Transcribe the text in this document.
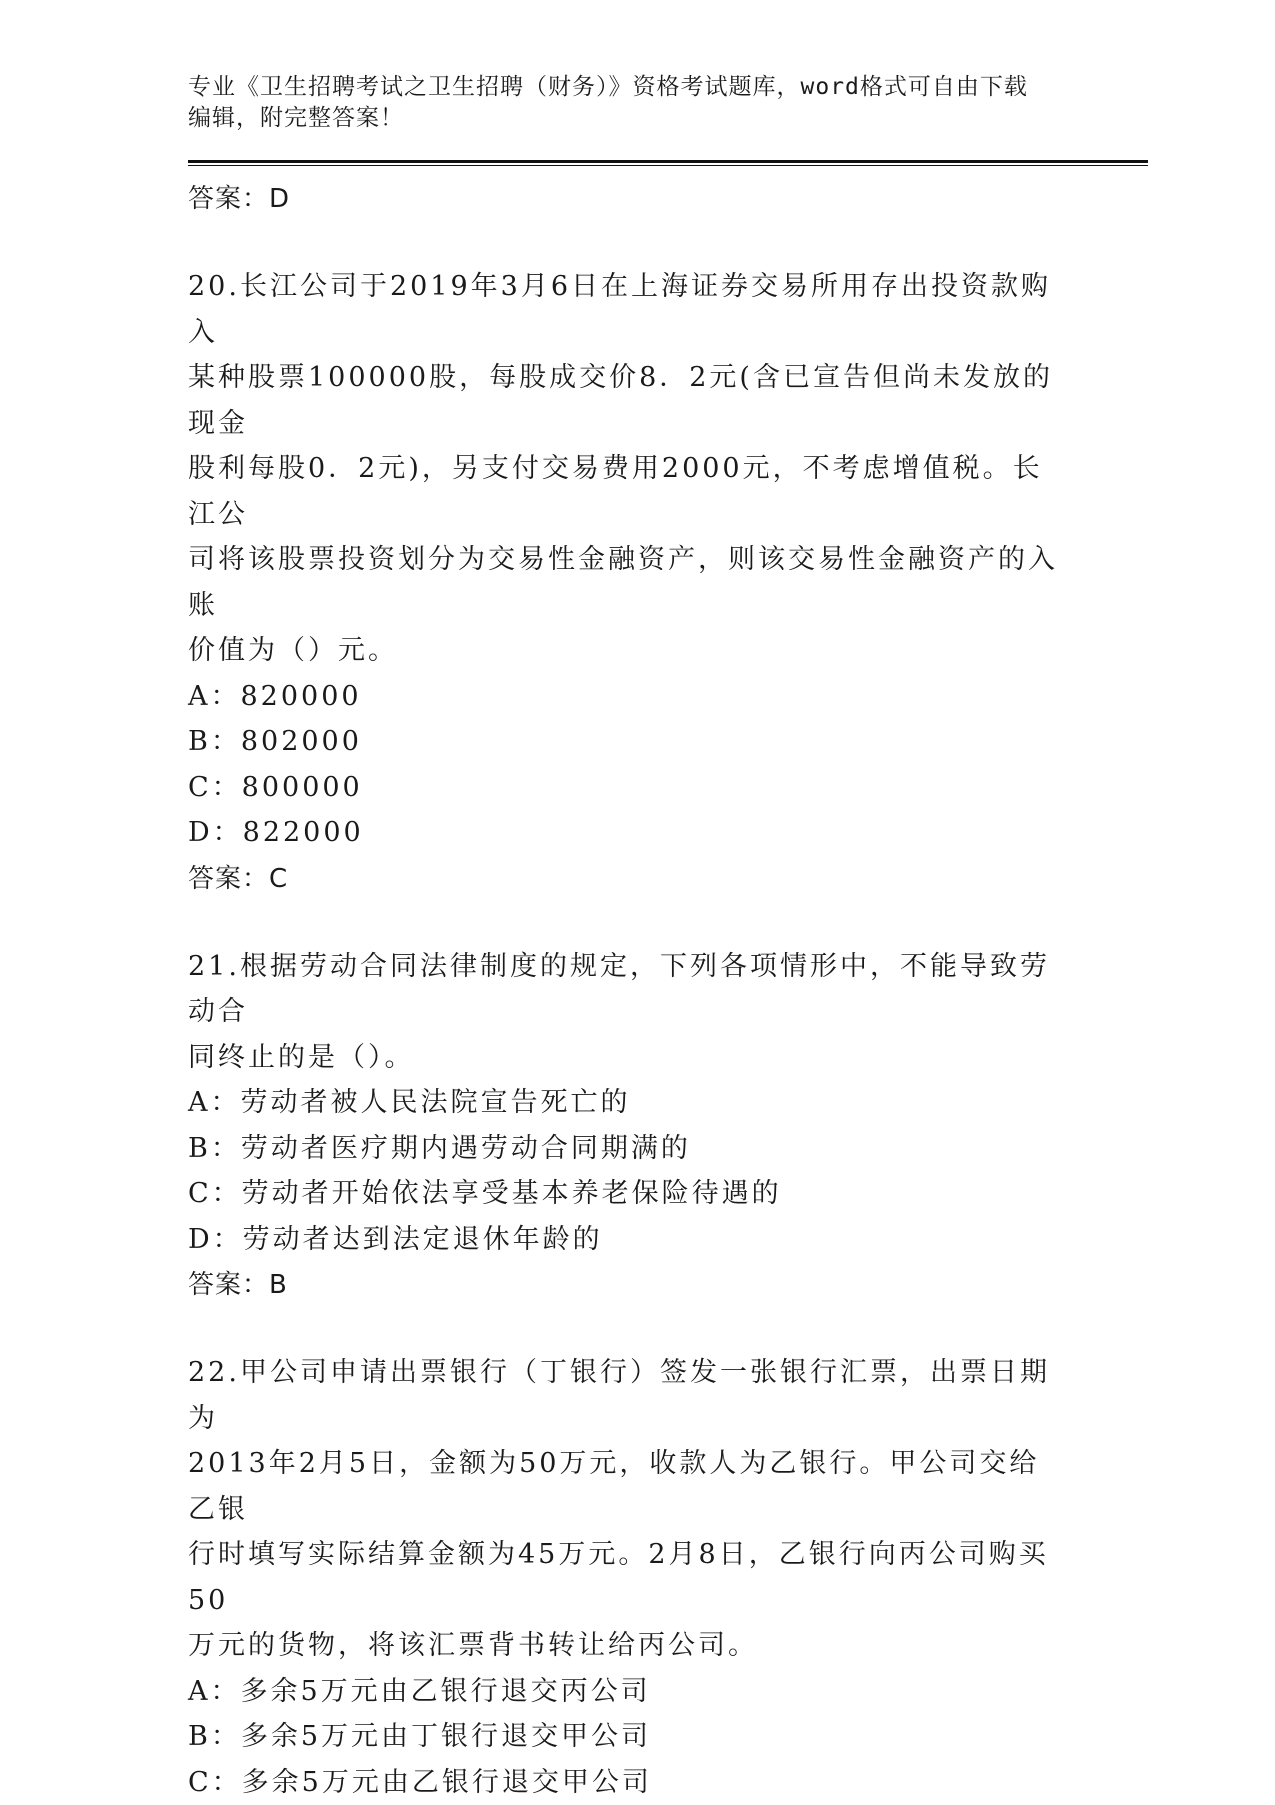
专业《卫生招聘考试之卫生招聘（财务）》资格考试题库，word格式可自由下载
编辑，附完整答案！
答案：D
20.长江公司于2019年3月6日在上海证券交易所用存出投资款购入
某种股票100000股，每股成交价8．2元(含已宣告但尚未发放的现金
股利每股0．2元)，另支付交易费用2000元，不考虑增值税。长江公
司将该股票投资划分为交易性金融资产，则该交易性金融资产的入账
价值为（）元。
A：820000
B：802000
C：800000
D：822000
答案：C
21.根据劳动合同法律制度的规定，下列各项情形中，不能导致劳动合
同终止的是（）。
A：劳动者被人民法院宣告死亡的
B：劳动者医疗期内遇劳动合同期满的
C：劳动者开始依法享受基本养老保险待遇的
D：劳动者达到法定退休年龄的
答案：B
22.甲公司申请出票银行（丁银行）签发一张银行汇票，出票日期为
2013年2月5日，金额为50万元，收款人为乙银行。甲公司交给乙银
行时填写实际结算金额为45万元。2月8日，乙银行向丙公司购买50
万元的货物，将该汇票背书转让给丙公司。
A：多余5万元由乙银行退交丙公司
B：多余5万元由丁银行退交甲公司
C：多余5万元由乙银行退交甲公司
